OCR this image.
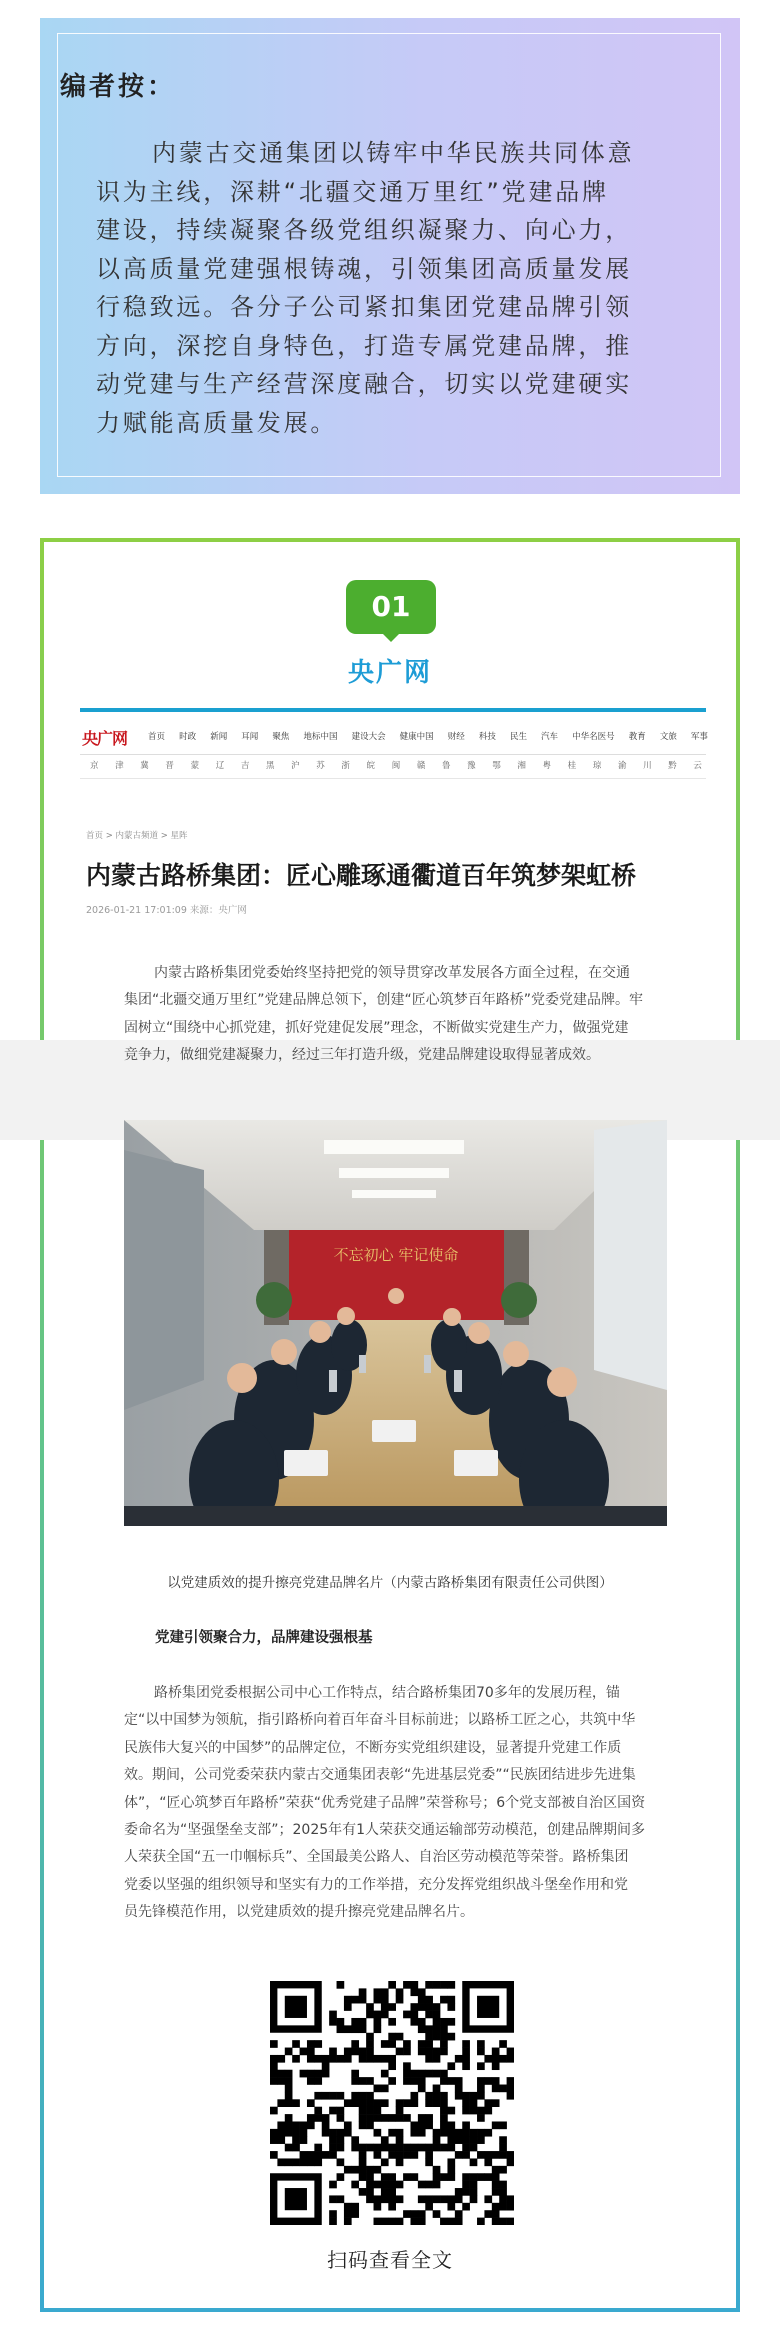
编者按：
内蒙古交通集团以铸牢中华民族共同体意
识为主线，深耕“北疆交通万里红”党建品牌
建设，持续凝聚各级党组织凝聚力、向心力，
以高质量党建强根铸魂，引领集团高质量发展
行稳致远。各分子公司紧扣集团党建品牌引领
方向，深挖自身特色，打造专属党建品牌，推
动党建与生产经营深度融合，切实以党建硬实
力赋能高质量发展。
01
央广网
央广网 首页 时政 新闻 耳闻 聚焦 地标中国 建设大会 健康中国 财经 科技 民生 汽车 中华名医号 教育 文旅 军事
京 津 冀 晋 蒙 辽 吉 黑 沪 苏 浙 皖 闽 赣 鲁 豫 鄂 湘 粤 桂 琼 渝 川 黔 云
首页 > 内蒙古频道 > 星阵
内蒙古路桥集团：匠心雕琢通衢道百年筑梦架虹桥
2026-01-21 17:01:09 来源：央广网
内蒙古路桥集团党委始终坚持把党的领导贯穿改革发展各方面全过程，在交通
集团“北疆交通万里红”党建品牌总领下，创建“匠心筑梦百年路桥”党委党建品牌。牢
固树立“围绕中心抓党建，抓好党建促发展”理念，不断做实党建生产力，做强党建
竞争力，做细党建凝聚力，经过三年打造升级，党建品牌建设取得显著成效。
不忘初心 牢记使命
以党建质效的提升擦亮党建品牌名片（内蒙古路桥集团有限责任公司供图）
党建引领聚合力，品牌建设强根基
路桥集团党委根据公司中心工作特点，结合路桥集团70多年的发展历程，锚
定“以中国梦为领航，指引路桥向着百年奋斗目标前进；以路桥工匠之心，共筑中华
民族伟大复兴的中国梦”的品牌定位，不断夯实党组织建设，显著提升党建工作质
效。期间，公司党委荣获内蒙古交通集团表彰“先进基层党委”“民族团结进步先进集
体”，“匠心筑梦百年路桥”荣获“优秀党建子品牌”荣誉称号；6个党支部被自治区国资
委命名为“坚强堡垒支部”；2025年有1人荣获交通运输部劳动模范，创建品牌期间多
人荣获全国“五一巾帼标兵”、全国最美公路人、自治区劳动模范等荣誉。路桥集团
党委以坚强的组织领导和坚实有力的工作举措，充分发挥党组织战斗堡垒作用和党
员先锋模范作用，以党建质效的提升擦亮党建品牌名片。
扫码查看全文
